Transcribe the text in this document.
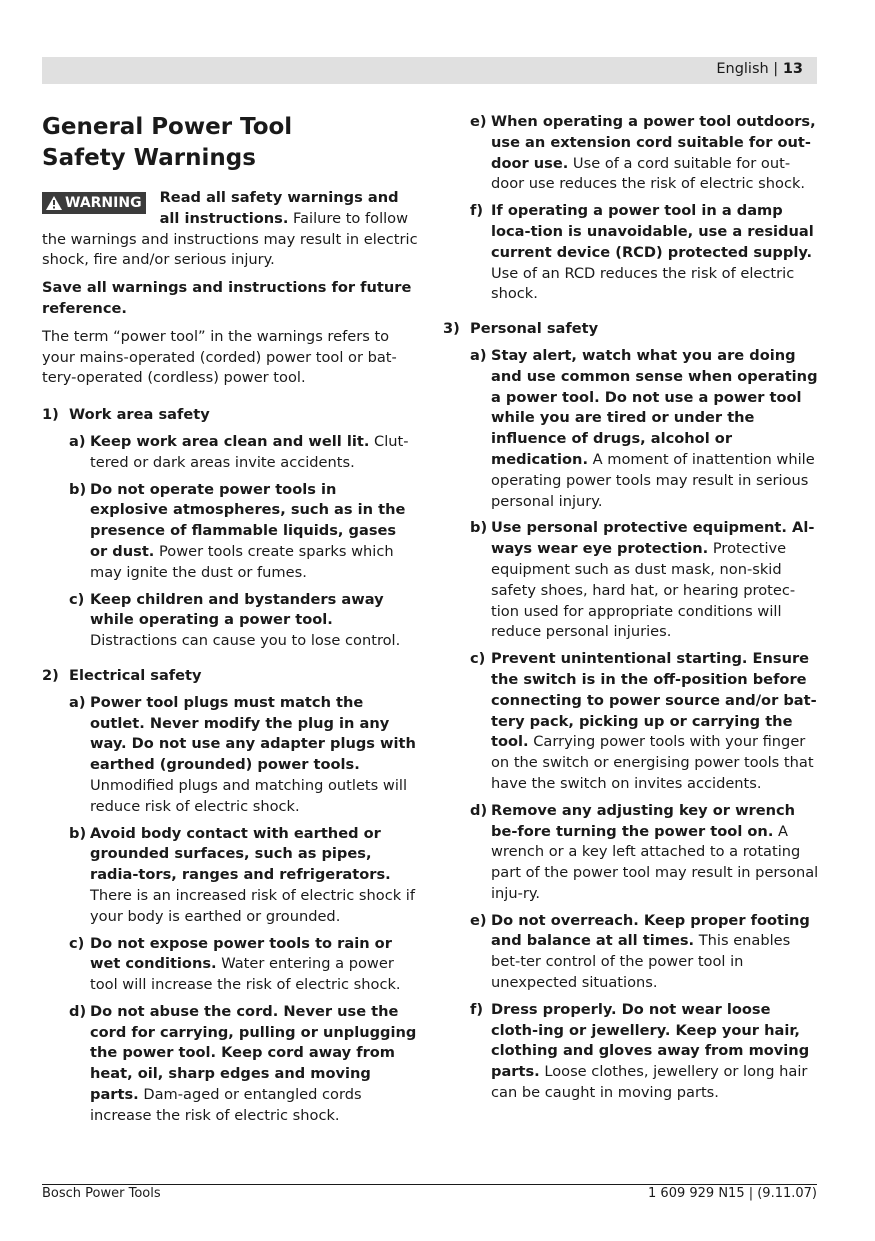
English | 13
General Power Tool Safety Warnings
WARNING	Read all safety warnings and all instructions. Failure to follow the warnings and instructions may result in electric shock, fire and/or serious injury.

Save all warnings and instructions for future reference.

The term “power tool” in the warnings refers to your mains-operated (corded) power tool or bat-tery-operated (cordless) power tool.

1) Work area safety
a) Keep work area clean and well lit. Clut-tered or dark areas invite accidents.
b) Do not operate power tools in explosive atmospheres, such as in the presence of flammable liquids, gases or dust. Power tools create sparks which may ignite the dust or fumes.
c) Keep children and bystanders away while operating a power tool. Distractions can cause you to lose control.
2) Electrical safety
a) Power tool plugs must match the outlet. Never modify the plug in any way. Do not use any adapter plugs with earthed (grounded) power tools. Unmodified plugs and matching outlets will reduce risk of electric shock.
b) Avoid body contact with earthed or grounded surfaces, such as pipes, radia-tors, ranges and refrigerators. There is an increased risk of electric shock if your body is earthed or grounded.
c) Do not expose power tools to rain or wet conditions. Water entering a power tool will increase the risk of electric shock.
d) Do not abuse the cord. Never use the cord for carrying, pulling or unplugging the power tool. Keep cord away from heat, oil, sharp edges and moving parts. Dam-aged or entangled cords increase the risk of electric shock.
e) When operating a power tool outdoors, use an extension cord suitable for out-door use. Use of a cord suitable for out-door use reduces the risk of electric shock.
f) If operating a power tool in a damp loca-tion is unavoidable, use a residual current device (RCD) protected supply. Use of an RCD reduces the risk of electric shock.
3) Personal safety
a) Stay alert, watch what you are doing and use common sense when operating a power tool. Do not use a power tool while you are tired or under the influence of drugs, alcohol or medication. A moment of inattention while operating power tools may result in serious personal injury.
b) Use personal protective equipment. Al-ways wear eye protection. Protective equipment such as dust mask, non-skid safety shoes, hard hat, or hearing protec-tion used for appropriate conditions will reduce personal injuries.
c) Prevent unintentional starting. Ensure the switch is in the off-position before connecting to power source and/or bat-tery pack, picking up or carrying the tool. Carrying power tools with your finger on the switch or energising power tools that have the switch on invites accidents.
d) Remove any adjusting key or wrench be-fore turning the power tool on. A wrench or a key left attached to a rotating part of the power tool may result in personal inju-ry.
e) Do not overreach. Keep proper footing and balance at all times. This enables bet-ter control of the power tool in unexpected situations.
f) Dress properly. Do not wear loose cloth-ing or jewellery. Keep your hair, clothing and gloves away from moving parts. Loose clothes, jewellery or long hair can be caught in moving parts.
Bosch Power Tools	1 609 929 N15 | (9.11.07)
